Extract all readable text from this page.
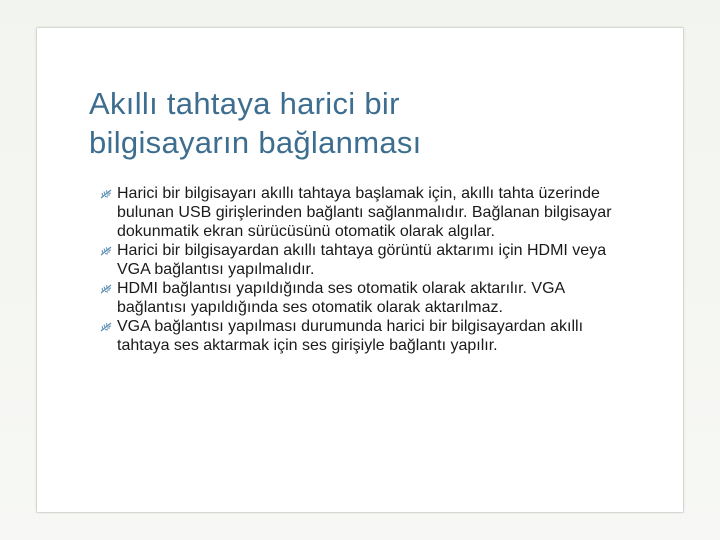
Akıllı tahtaya harici bir
bilgisayarın bağlanması
Harici bir bilgisayarı akıllı tahtaya başlamak için, akıllı tahta üzerinde bulunan USB girişlerinden bağlantı sağlanmalıdır. Bağlanan bilgisayar dokunmatik ekran sürücüsünü otomatik olarak algılar.
Harici bir bilgisayardan akıllı tahtaya görüntü aktarımı için HDMI veya VGA bağlantısı yapılmalıdır.
HDMI bağlantısı yapıldığında ses otomatik olarak aktarılır. VGA bağlantısı yapıldığında ses otomatik olarak aktarılmaz.
VGA bağlantısı yapılması durumunda harici bir bilgisayardan akıllı tahtaya ses aktarmak için ses girişiyle bağlantı yapılır.
